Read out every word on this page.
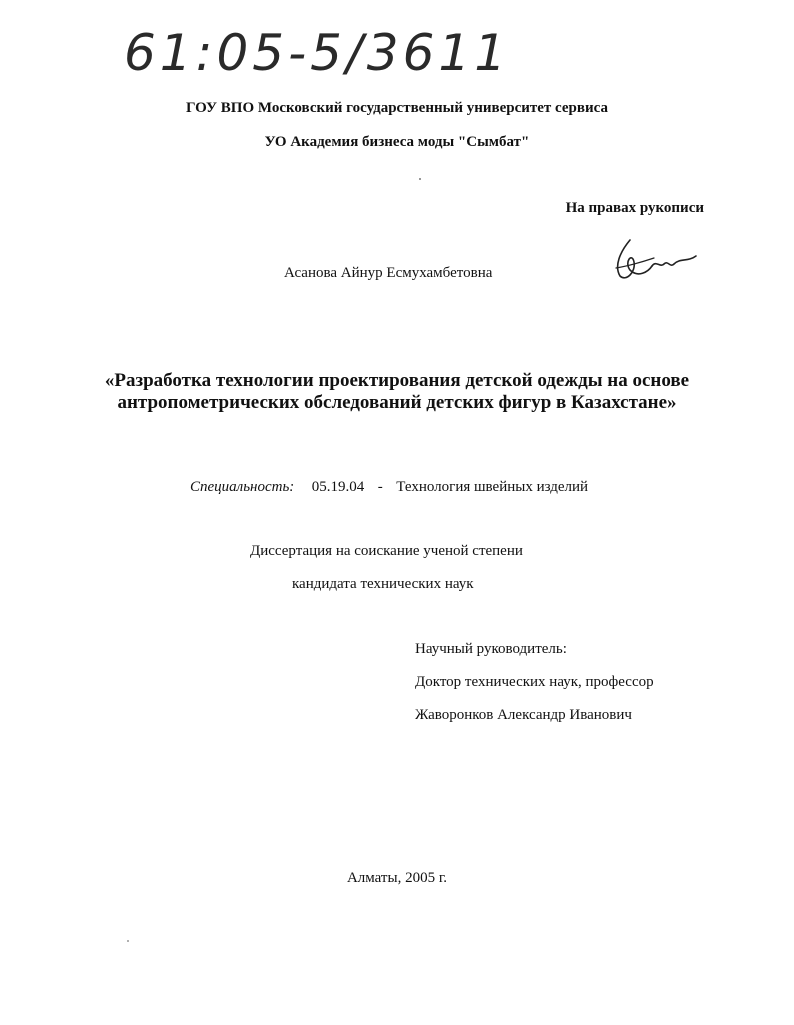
61:05-5/3611
ГОУ ВПО Московский государственный университет сервиса
УО Академия бизнеса моды "Сымбат"
На правах рукописи
Асанова Айнур Есмухамбетовна
«Разработка технологии проектирования детской одежды на основе
антропометрических обследований детских фигур в Казахстане»
Специальность: 05.19.04 - Технология швейных изделий
Диссертация на соискание ученой степени
кандидата технических наук
Научный руководитель:
Доктор технических наук, профессор
Жаворонков Александр Иванович
Алматы, 2005 г.
